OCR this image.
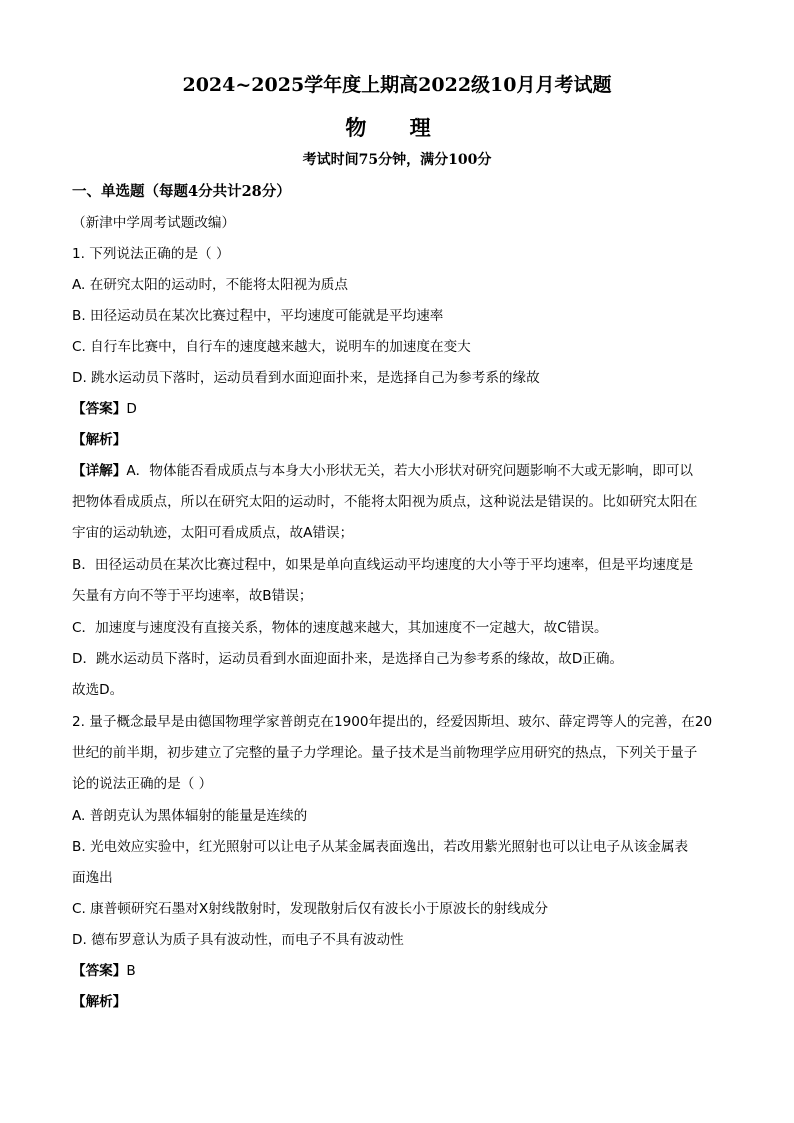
2024~2025学年度上期高2022级10月月考试题
物 理
考试时间75分钟，满分100分
一、单选题（每题4分共计28分）
（新津中学周考试题改编）
1. 下列说法正确的是（ ）
A. 在研究太阳的运动时，不能将太阳视为质点
B. 田径运动员在某次比赛过程中，平均速度可能就是平均速率
C. 自行车比赛中，自行车的速度越来越大，说明车的加速度在变大
D. 跳水运动员下落时，运动员看到水面迎面扑来，是选择自己为参考系的缘故
【答案】D
【解析】
【详解】A．物体能否看成质点与本身大小形状无关，若大小形状对研究问题影响不大或无影响，即可以
把物体看成质点，所以在研究太阳的运动时，不能将太阳视为质点，这种说法是错误的。比如研究太阳在
宇宙的运动轨迹，太阳可看成质点，故A错误；
B．田径运动员在某次比赛过程中，如果是单向直线运动平均速度的大小等于平均速率，但是平均速度是
矢量有方向不等于平均速率，故B错误；
C．加速度与速度没有直接关系，物体的速度越来越大，其加速度不一定越大，故C错误。
D．跳水运动员下落时，运动员看到水面迎面扑来，是选择自己为参考系的缘故，故D正确。
故选D。
2. 量子概念最早是由德国物理学家普朗克在1900年提出的，经爱因斯坦、玻尔、薛定谔等人的完善，在20
世纪的前半期，初步建立了完整的量子力学理论。量子技术是当前物理学应用研究的热点，下列关于量子
论的说法正确的是（ ）
A. 普朗克认为黑体辐射的能量是连续的
B. 光电效应实验中，红光照射可以让电子从某金属表面逸出，若改用紫光照射也可以让电子从该金属表
面逸出
C. 康普顿研究石墨对X射线散射时，发现散射后仅有波长小于原波长的射线成分
D. 德布罗意认为质子具有波动性，而电子不具有波动性
【答案】B
【解析】
